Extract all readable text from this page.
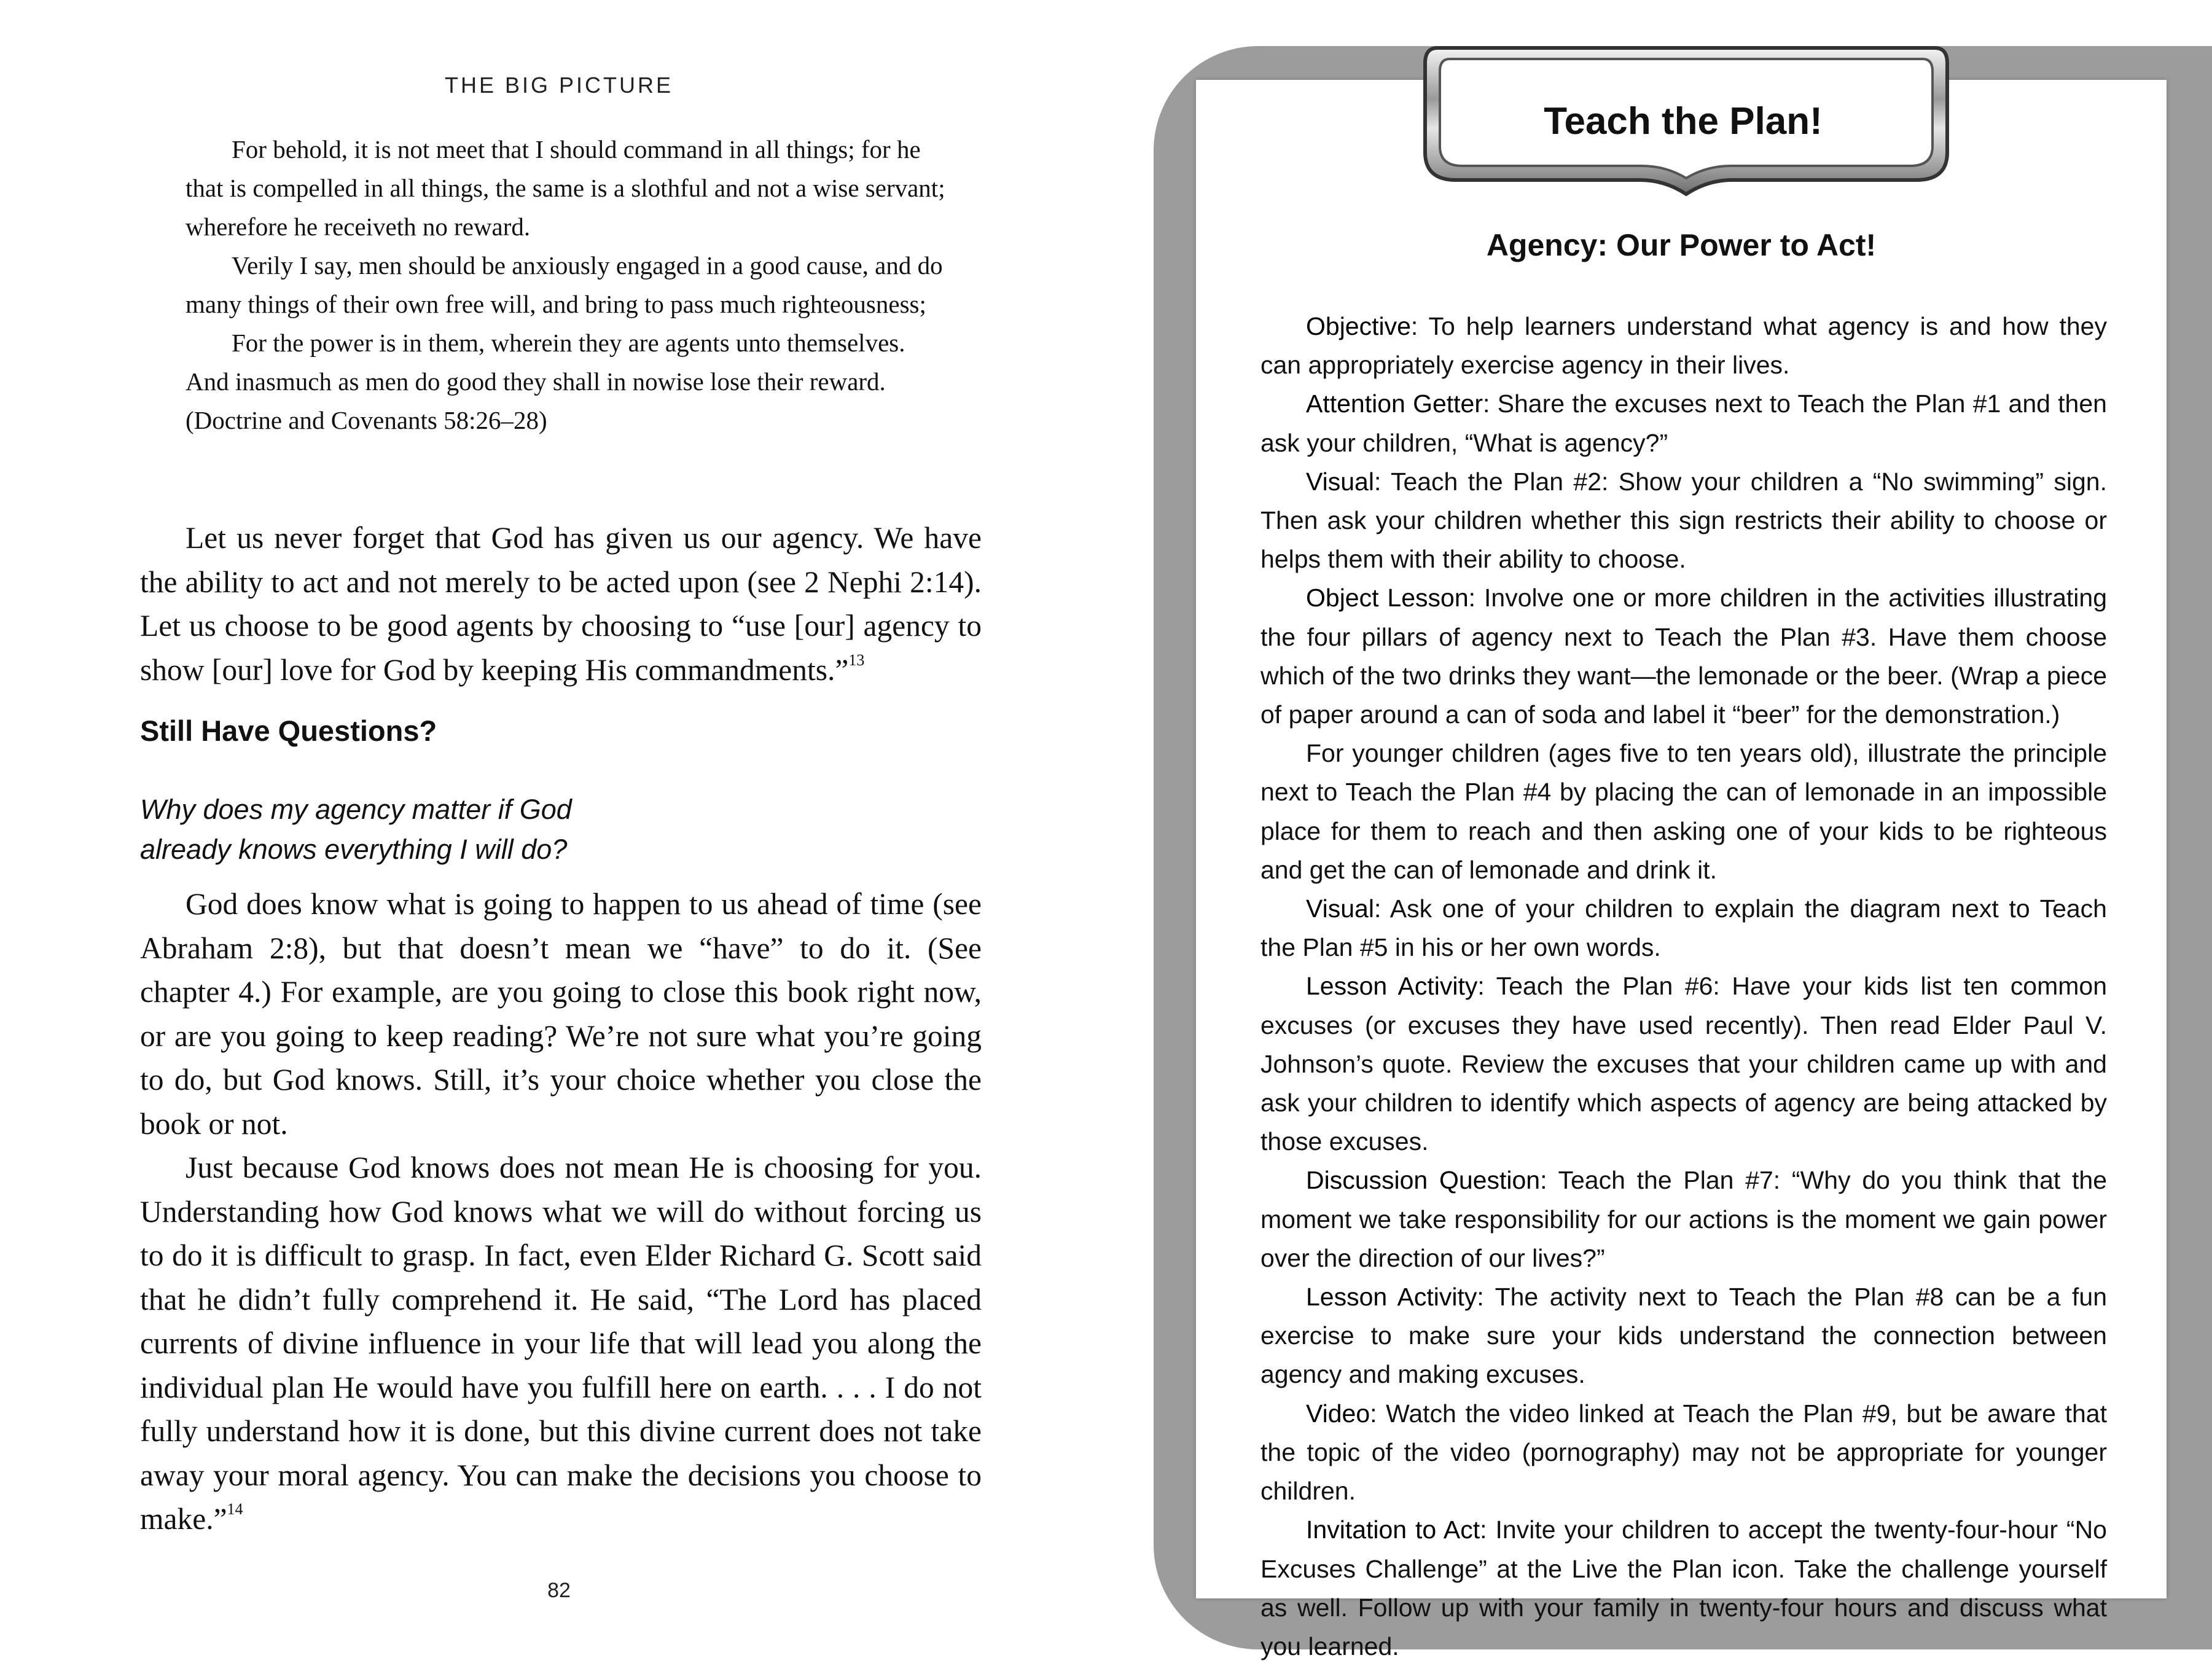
THE BIG PICTURE

For behold, it is not meet that I should command in all things; for he that is compelled in all things, the same is a slothful and not a wise servant; wherefore he receiveth no reward.

Verily I say, men should be anxiously engaged in a good cause, and do many things of their own free will, and bring to pass much righteousness;

For the power is in them, wherein they are agents unto themselves. And inasmuch as men do good they shall in nowise lose their reward. (Doctrine and Covenants 58:26–28)

Let us never forget that God has given us our agency. We have the ability to act and not merely to be acted upon (see 2 Nephi 2:14). Let us choose to be good agents by choosing to “use [our] agency to show [our] love for God by keeping His commandments.”$^{13}$

Still Have Questions?
Why does my agency matter if God
already knows everything I will do?

God does know what is going to happen to us ahead of time (see Abraham 2:8), but that doesn’t mean we “have” to do it. (See chapter 4.) For example, are you going to close this book right now, or are you going to keep reading? We’re not sure what you’re going to do, but God knows. Still, it’s your choice whether you close the book or not.

Just because God knows does not mean He is choosing for you. Understanding how God knows what we will do without forcing us to do it is difficult to grasp. In fact, even Elder Richard G. Scott said that he didn’t fully comprehend it. He said, “The Lord has placed currents of divine influence in your life that will lead you along the individual plan He would have you fulfill here on earth. . . . I do not fully understand how it is done, but this divine current does not take away your moral agency. You can make the decisions you choose to make.”$^{14}$

82
Teach the Plan!
Agency: Our Power to Act!

Objective : To help learners understand what agency is and how they can appropriately exercise agency in their lives.

Attention Getter : Share the excuses next to Teach the Plan #1 and then ask your children, “What is agency?”

Visual : Teach the Plan #2: Show your children a “No swimming” sign. Then ask your children whether this sign restricts their ability to choose or helps them with their ability to choose.

Object Lesson : Involve one or more children in the activities illustrating the four pillars of agency next to Teach the Plan #3. Have them choose which of the two drinks they want—the lemonade or the beer. (Wrap a piece of paper around a can of soda and label it “beer” for the demonstration.)

For younger children (ages five to ten years old), illustrate the principle next to Teach the Plan #4 by placing the can of lemonade in an impossible place for them to reach and then asking one of your kids to be righteous and get the can of lemonade and drink it.

Visual : Ask one of your children to explain the diagram next to Teach the Plan #5 in his or her own words.

Lesson Activity : Teach the Plan #6: Have your kids list ten common excuses (or excuses they have used recently). Then read Elder Paul V. Johnson’s quote. Review the excuses that your children came up with and ask your children to identify which aspects of agency are being attacked by those excuses.

Discussion Question : Teach the Plan #7: “Why do you think that the moment we take responsibility for our actions is the moment we gain power over the direction of our lives?”

Lesson Activity : The activity next to Teach the Plan #8 can be a fun exercise to make sure your kids understand the connection between agency and making excuses.

Video : Watch the video linked at Teach the Plan #9, but be aware that the topic of the video (pornography) may not be appropriate for younger children.

Invitation to Act : Invite your children to accept the twenty-four-hour “No Excuses Challenge” at the Live the Plan icon. Take the challenge yourself as well. Follow up with your family in twenty-four hours and discuss what you learned.
